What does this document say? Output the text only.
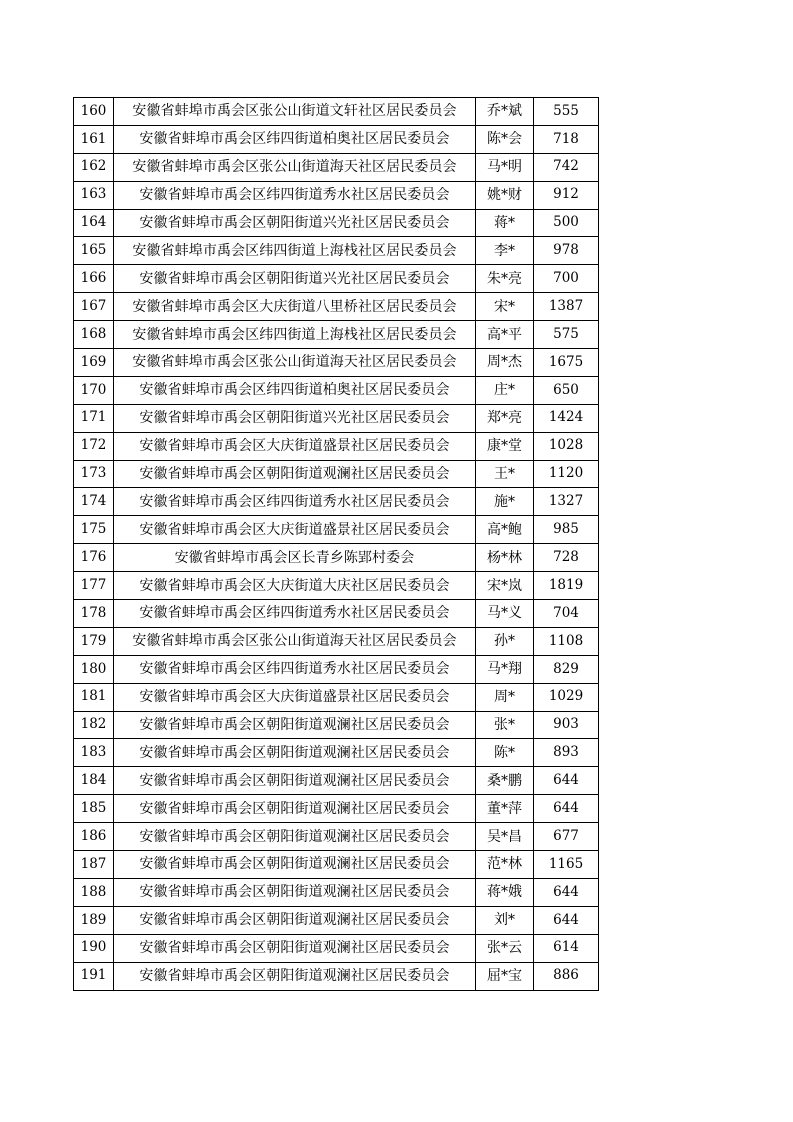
160	安徽省蚌埠市禹会区张公山街道文轩社区居民委员会	乔*斌	555
161	安徽省蚌埠市禹会区纬四街道柏奥社区居民委员会	陈*会	718
162	安徽省蚌埠市禹会区张公山街道海天社区居民委员会	马*明	742
163	安徽省蚌埠市禹会区纬四街道秀水社区居民委员会	姚*财	912
164	安徽省蚌埠市禹会区朝阳街道兴光社区居民委员会	蒋*	500
165	安徽省蚌埠市禹会区纬四街道上海栈社区居民委员会	李*	978
166	安徽省蚌埠市禹会区朝阳街道兴光社区居民委员会	朱*亮	700
167	安徽省蚌埠市禹会区大庆街道八里桥社区居民委员会	宋*	1387
168	安徽省蚌埠市禹会区纬四街道上海栈社区居民委员会	高*平	575
169	安徽省蚌埠市禹会区张公山街道海天社区居民委员会	周*杰	1675
170	安徽省蚌埠市禹会区纬四街道柏奥社区居民委员会	庄*	650
171	安徽省蚌埠市禹会区朝阳街道兴光社区居民委员会	郑*亮	1424
172	安徽省蚌埠市禹会区大庆街道盛景社区居民委员会	康*堂	1028
173	安徽省蚌埠市禹会区朝阳街道观澜社区居民委员会	王*	1120
174	安徽省蚌埠市禹会区纬四街道秀水社区居民委员会	施*	1327
175	安徽省蚌埠市禹会区大庆街道盛景社区居民委员会	高*鲍	985
176	安徽省蚌埠市禹会区长青乡陈郢村委会	杨*林	728
177	安徽省蚌埠市禹会区大庆街道大庆社区居民委员会	宋*岚	1819
178	安徽省蚌埠市禹会区纬四街道秀水社区居民委员会	马*义	704
179	安徽省蚌埠市禹会区张公山街道海天社区居民委员会	孙*	1108
180	安徽省蚌埠市禹会区纬四街道秀水社区居民委员会	马*翔	829
181	安徽省蚌埠市禹会区大庆街道盛景社区居民委员会	周*	1029
182	安徽省蚌埠市禹会区朝阳街道观澜社区居民委员会	张*	903
183	安徽省蚌埠市禹会区朝阳街道观澜社区居民委员会	陈*	893
184	安徽省蚌埠市禹会区朝阳街道观澜社区居民委员会	桑*鹏	644
185	安徽省蚌埠市禹会区朝阳街道观澜社区居民委员会	董*萍	644
186	安徽省蚌埠市禹会区朝阳街道观澜社区居民委员会	吴*昌	677
187	安徽省蚌埠市禹会区朝阳街道观澜社区居民委员会	范*林	1165
188	安徽省蚌埠市禹会区朝阳街道观澜社区居民委员会	蒋*娥	644
189	安徽省蚌埠市禹会区朝阳街道观澜社区居民委员会	刘*	644
190	安徽省蚌埠市禹会区朝阳街道观澜社区居民委员会	张*云	614
191	安徽省蚌埠市禹会区朝阳街道观澜社区居民委员会	屈*宝	886
